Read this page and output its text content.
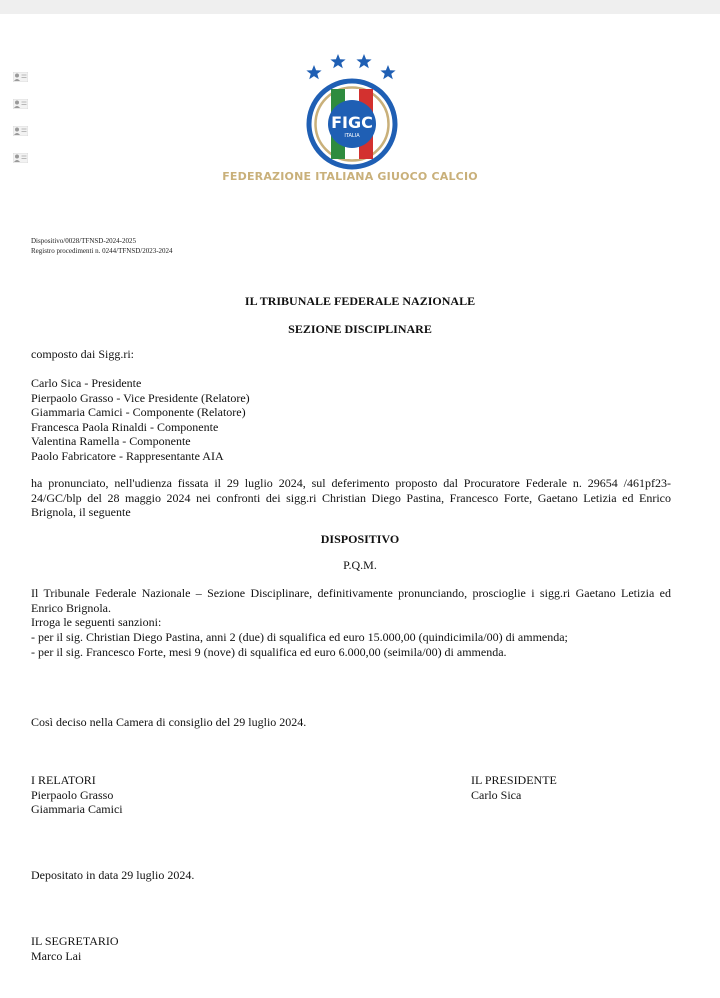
FIGC
ITALIA
FEDERAZIONE ITALIANA GIUOCO CALCIO
Dispositivo/0028/TFNSD-2024-2025
Registro procedimenti n. 0244/TFNSD/2023-2024
IL TRIBUNALE FEDERALE NAZIONALE
SEZIONE DISCIPLINARE
composto dai Sigg.ri:
Carlo Sica - Presidente
Pierpaolo Grasso - Vice Presidente (Relatore)
Giammaria Camici - Componente (Relatore)
Francesca Paola Rinaldi - Componente
Valentina Ramella - Componente
Paolo Fabricatore - Rappresentante AIA
ha pronunciato, nell'udienza fissata il 29 luglio 2024, sul deferimento proposto dal Procuratore Federale n. 29654 /461pf23-24/GC/blp del 28 maggio 2024 nei confronti dei sigg.ri Christian Diego Pastina, Francesco Forte, Gaetano Letizia ed Enrico Brignola, il seguente
DISPOSITIVO
P.Q.M.
Il Tribunale Federale Nazionale – Sezione Disciplinare, definitivamente pronunciando, proscioglie i sigg.ri Gaetano Letizia ed Enrico Brignola.
Irroga le seguenti sanzioni:
- per il sig. Christian Diego Pastina, anni 2 (due) di squalifica ed euro 15.000,00 (quindicimila/00) di ammenda;
- per il sig. Francesco Forte, mesi 9 (nove) di squalifica ed euro 6.000,00 (seimila/00) di ammenda.
Così deciso nella Camera di consiglio del 29 luglio 2024.
I RELATORI
Pierpaolo Grasso
Giammaria Camici
IL PRESIDENTE
Carlo Sica
Depositato in data 29 luglio 2024.
IL SEGRETARIO
Marco Lai
